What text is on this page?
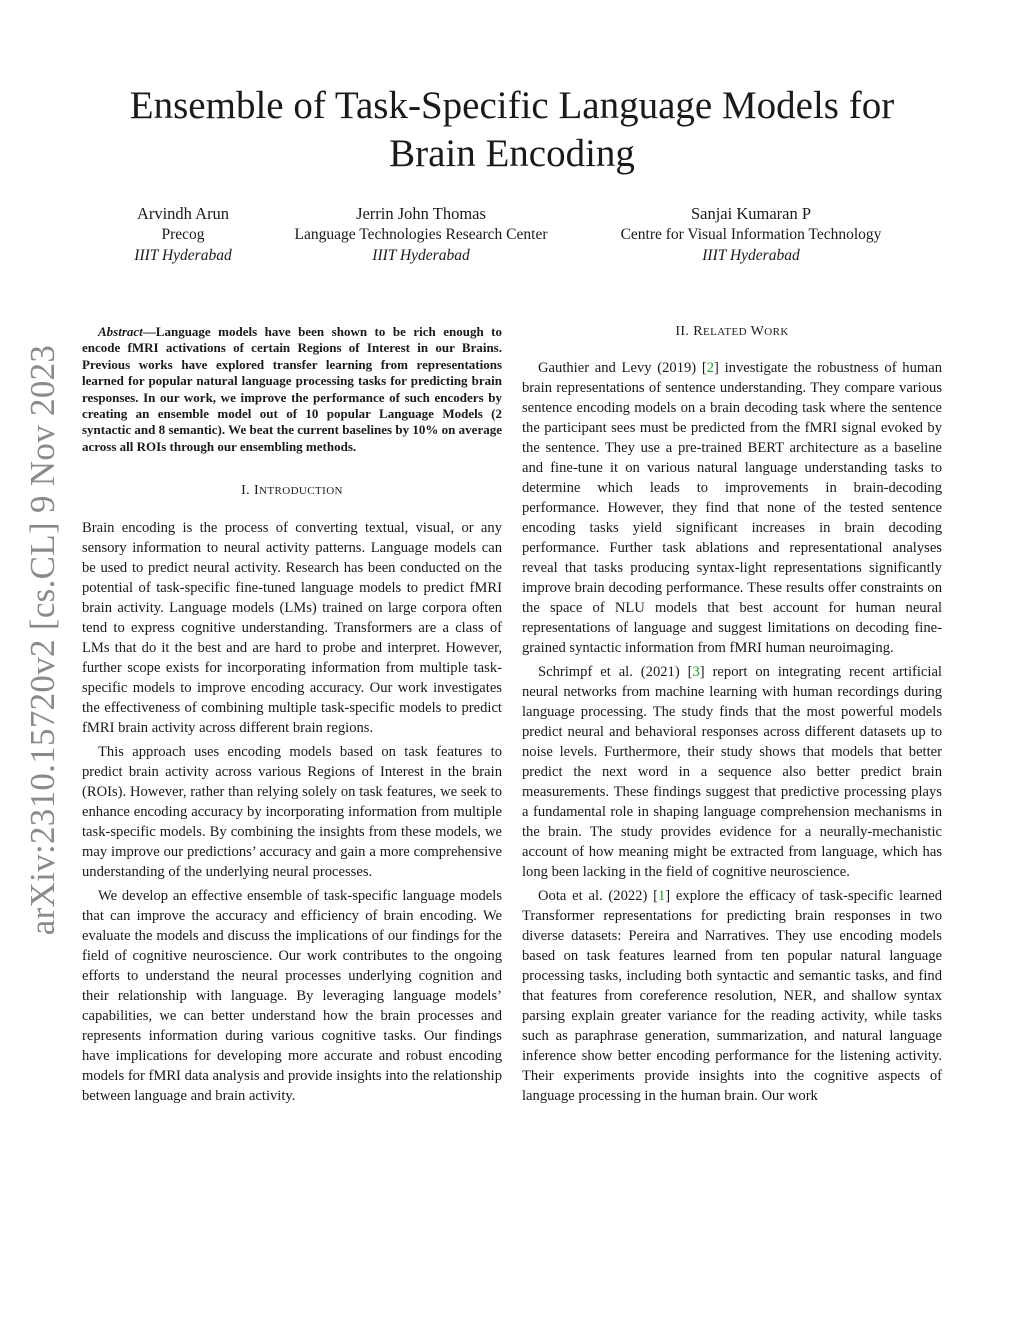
arXiv:2310.15720v2 [cs.CL] 9 Nov 2023
Ensemble of Task-Specific Language Models for
Brain Encoding
Arvindh Arun
Precog
IIIT Hyderabad
Jerrin John Thomas
Language Technologies Research Center
IIIT Hyderabad
Sanjai Kumaran P
Centre for Visual Information Technology
IIIT Hyderabad

Abstract—Language models have been shown to be rich enough to encode fMRI activations of certain Regions of Interest in our Brains. Previous works have explored transfer learning from representations learned for popular natural language processing tasks for predicting brain responses. In our work, we improve the performance of such encoders by creating an ensemble model out of 10 popular Language Models (2 syntactic and 8 semantic). We beat the current baselines by 10% on average across all ROIs through our ensembling methods.

I. INTRODUCTION

Brain encoding is the process of converting textual, visual, or any sensory information to neural activity patterns. Language models can be used to predict neural activity. Research has been conducted on the potential of task-specific fine-tuned language models to predict fMRI brain activity. Language models (LMs) trained on large corpora often tend to express cognitive understanding. Transformers are a class of LMs that do it the best and are hard to probe and interpret. However, further scope exists for incorporating information from multiple task-specific models to improve encoding accuracy. Our work investigates the effectiveness of combining multiple task-specific models to predict fMRI brain activity across different brain regions.

This approach uses encoding models based on task features to predict brain activity across various Regions of Interest in the brain (ROIs). However, rather than relying solely on task features, we seek to enhance encoding accuracy by incorporating information from multiple task-specific models. By combining the insights from these models, we may improve our predictions’ accuracy and gain a more comprehensive understanding of the underlying neural processes.

We develop an effective ensemble of task-specific language models that can improve the accuracy and efficiency of brain encoding. We evaluate the models and discuss the implications of our findings for the field of cognitive neuroscience. Our work contributes to the ongoing efforts to understand the neural processes underlying cognition and their relationship with language. By leveraging language models’ capabilities, we can better understand how the brain processes and represents information during various cognitive tasks. Our findings have implications for developing more accurate and robust encoding models for fMRI data analysis and provide insights into the relationship between language and brain activity.

II. RELATED WORK

Gauthier and Levy (2019) [2] investigate the robustness of human brain representations of sentence understanding. They compare various sentence encoding models on a brain decoding task where the sentence the participant sees must be predicted from the fMRI signal evoked by the sentence. They use a pre-trained BERT architecture as a baseline and fine-tune it on various natural language understanding tasks to determine which leads to improvements in brain-decoding performance. However, they find that none of the tested sentence encoding tasks yield significant increases in brain decoding performance. Further task ablations and representational analyses reveal that tasks producing syntax-light representations significantly improve brain decoding performance. These results offer constraints on the space of NLU models that best account for human neural representations of language and suggest limitations on decoding fine-grained syntactic information from fMRI human neuroimaging.

Schrimpf et al. (2021) [3] report on integrating recent artificial neural networks from machine learning with human recordings during language processing. The study finds that the most powerful models predict neural and behavioral responses across different datasets up to noise levels. Furthermore, their study shows that models that better predict the next word in a sequence also better predict brain measurements. These findings suggest that predictive processing plays a fundamental role in shaping language comprehension mechanisms in the brain. The study provides evidence for a neurally-mechanistic account of how meaning might be extracted from language, which has long been lacking in the field of cognitive neuroscience.

Oota et al. (2022) [1] explore the efficacy of task-specific learned Transformer representations for predicting brain responses in two diverse datasets: Pereira and Narratives. They use encoding models based on task features learned from ten popular natural language processing tasks, including both syntactic and semantic tasks, and find that features from coreference resolution, NER, and shallow syntax parsing explain greater variance for the reading activity, while tasks such as paraphrase generation, summarization, and natural language inference show better encoding performance for the listening activity. Their experiments provide insights into the cognitive aspects of language processing in the human brain. Our work
